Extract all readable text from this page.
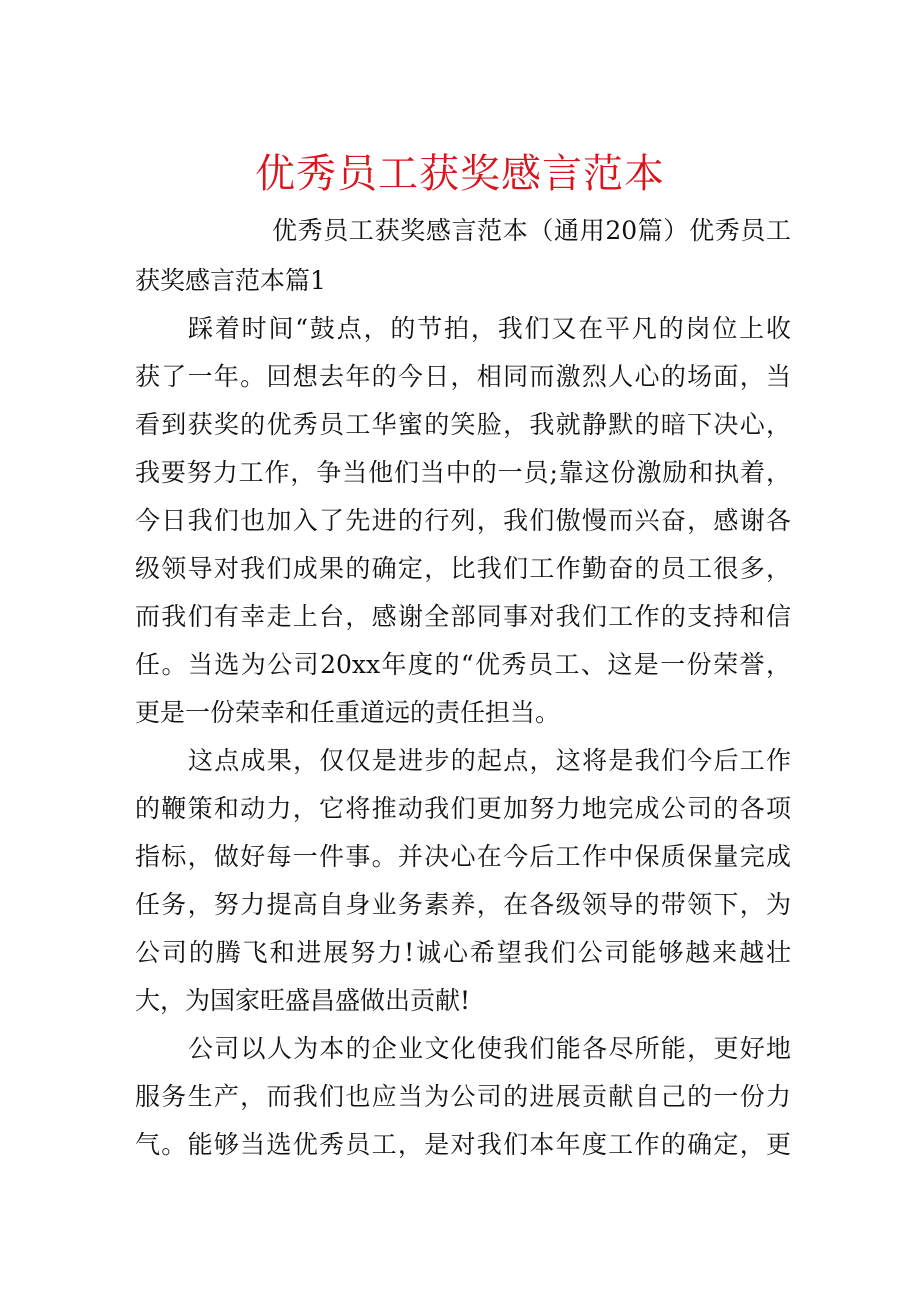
优秀员工获奖感言范本
优秀员工获奖感言范本（通用20篇）优秀员工
获奖感言范本篇1
踩着时间“鼓点，的节拍，我们又在平凡的岗位上收
获了一年。回想去年的今日，相同而激烈人心的场面，当
看到获奖的优秀员工华蜜的笑脸，我就静默的暗下决心，
我要努力工作，争当他们当中的一员;靠这份激励和执着，
今日我们也加入了先进的行列，我们傲慢而兴奋，感谢各
级领导对我们成果的确定，比我们工作勤奋的员工很多，
而我们有幸走上台，感谢全部同事对我们工作的支持和信
任。当选为公司20xx年度的“优秀员工、这是一份荣誉，
更是一份荣幸和任重道远的责任担当。
这点成果，仅仅是进步的起点，这将是我们今后工作
的鞭策和动力，它将推动我们更加努力地完成公司的各项
指标，做好每一件事。并决心在今后工作中保质保量完成
任务，努力提高自身业务素养，在各级领导的带领下，为
公司的腾飞和进展努力!诚心希望我们公司能够越来越壮
大，为国家旺盛昌盛做出贡献!
公司以人为本的企业文化使我们能各尽所能，更好地
服务生产，而我们也应当为公司的进展贡献自己的一份力
气。能够当选优秀员工，是对我们本年度工作的确定，更
